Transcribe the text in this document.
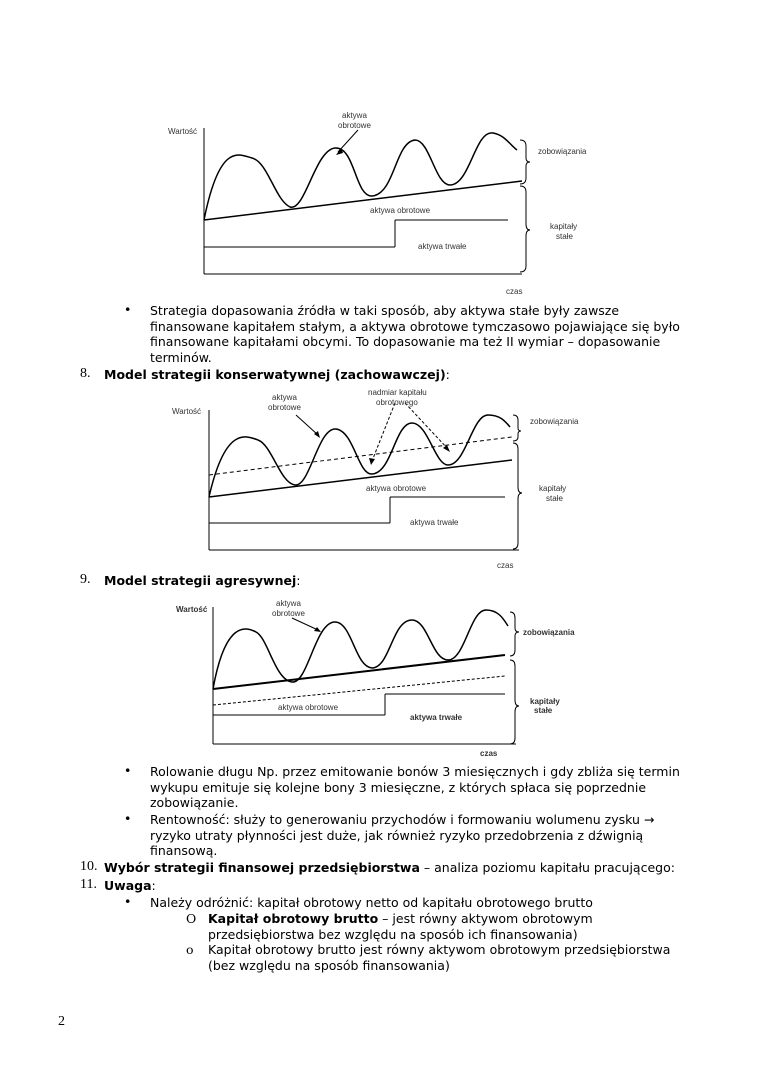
Wartość
aktywa
obrotowe
zobowiązania
aktywa obrotowe
aktywa trwałe
kapitały
stałe
czas
• Strategia dopasowania źródła w taki sposób, aby aktywa stałe były zawsze
finansowane kapitałem stałym, a aktywa obrotowe tymczasowo pojawiające się było
finansowane kapitałami obcymi. To dopasowanie ma też II wymiar – dopasowanie
terminów.
8. Model strategii konserwatywnej (zachowawczej):
Wartość
aktywa
obrotowe
nadmiar kapitału
obrotowego
zobowiązania
aktywa obrotowe
aktywa trwałe
kapitały
stałe
czas
9. Model strategii agresywnej:
Wartość
aktywa
obrotowe
zobowiązania
aktywa obrotowe
aktywa trwałe
kapitały
stałe
czas
• Rolowanie długu Np. przez emitowanie bonów 3 miesięcznych i gdy zbliża się termin
wykupu emituje się kolejne bony 3 miesięczne, z których spłaca się poprzednie
zobowiązanie.
• Rentowność: służy to generowaniu przychodów i formowaniu wolumenu zysku →
ryzyko utraty płynności jest duże, jak również ryzyko przedobrzenia z dźwignią
finansową.
10. Wybór strategii finansowej przedsiębiorstwa – analiza poziomu kapitału pracującego:
11. Uwaga:
• Należy odróżnić: kapitał obrotowy netto od kapitału obrotowego brutto
O Kapitał obrotowy brutto – jest równy aktywom obrotowym
przedsiębiorstwa bez względu na sposób ich finansowania)
o Kapitał obrotowy brutto jest równy aktywom obrotowym przedsiębiorstwa
(bez względu na sposób finansowania)
2
